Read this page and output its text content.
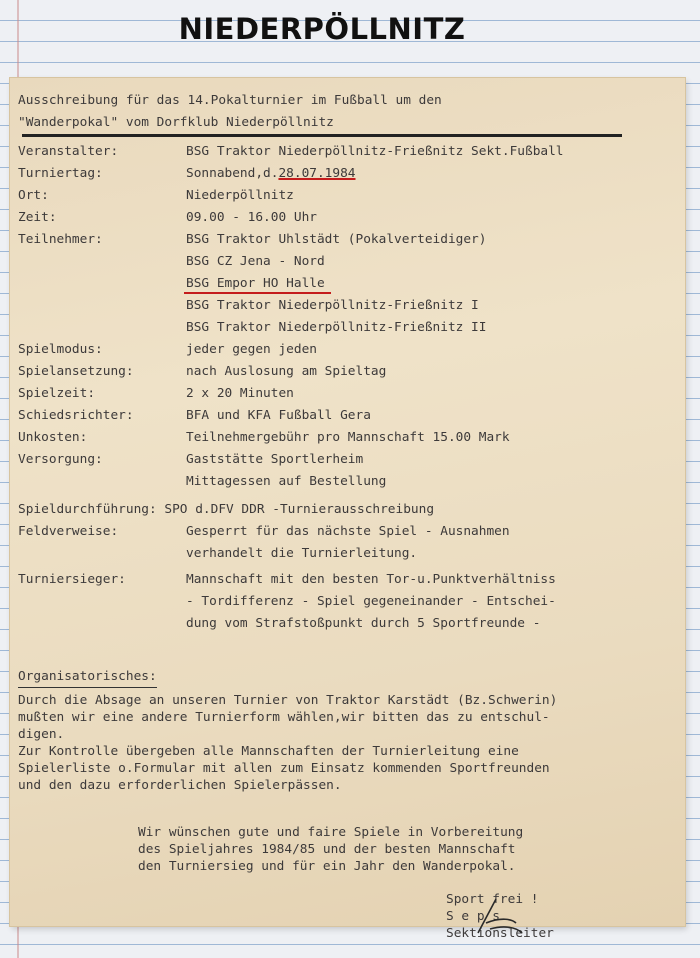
NIEDERPÖLLNITZ
Ausschreibung für das 14.Pokalturnier im Fußball um den
"Wanderpokal" vom Dorfklub Niederpöllnitz
Veranstalter:	BSG Traktor Niederpöllnitz-Frießnitz Sekt.Fußball
Turniertag:	Sonnabend,d.28.07.1984
Ort:	Niederpöllnitz
Zeit:	09.00 - 16.00 Uhr
Teilnehmer:	BSG Traktor Uhlstädt (Pokalverteidiger)
BSG CZ Jena - Nord
BSG Empor HO Halle
BSG Traktor Niederpöllnitz-Frießnitz I
BSG Traktor Niederpöllnitz-Frießnitz II
Spielmodus:	jeder gegen jeden
Spielansetzung:	nach Auslosung am Spieltag
Spielzeit:	2 x 20 Minuten
Schiedsrichter:	BFA und KFA Fußball Gera
Unkosten:	Teilnehmergebühr pro Mannschaft 15.00 Mark
Versorgung:	Gaststätte Sportlerheim
Mittagessen auf Bestellung
Spieldurchführung: SPO d.DFV DDR -Turnierausschreibung
Feldverweise:	Gesperrt für das nächste Spiel - Ausnahmen
verhandelt die Turnierleitung.
Turniersieger:	Mannschaft mit den besten Tor-u.Punktverhältniss
- Tordifferenz - Spiel gegeneinander - Entschei-
dung vom Strafstoßpunkt durch 5 Sportfreunde -
Organisatorisches:
Durch die Absage an unseren Turnier von Traktor Karstädt (Bz.Schwerin)
mußten wir eine andere Turnierform wählen,wir bitten das zu entschul-
digen.
Zur Kontrolle übergeben alle Mannschaften der Turnierleitung eine
Spielerliste o.Formular mit allen zum Einsatz kommenden Sportfreunden
und den dazu erforderlichen Spielerpässen.
Wir wünschen gute und faire Spiele in Vorbereitung
des Spieljahres 1984/85 und der besten Mannschaft
den Turniersieg und für ein Jahr den Wanderpokal.
Sport frei !
S e p s
Sektionsleiter
